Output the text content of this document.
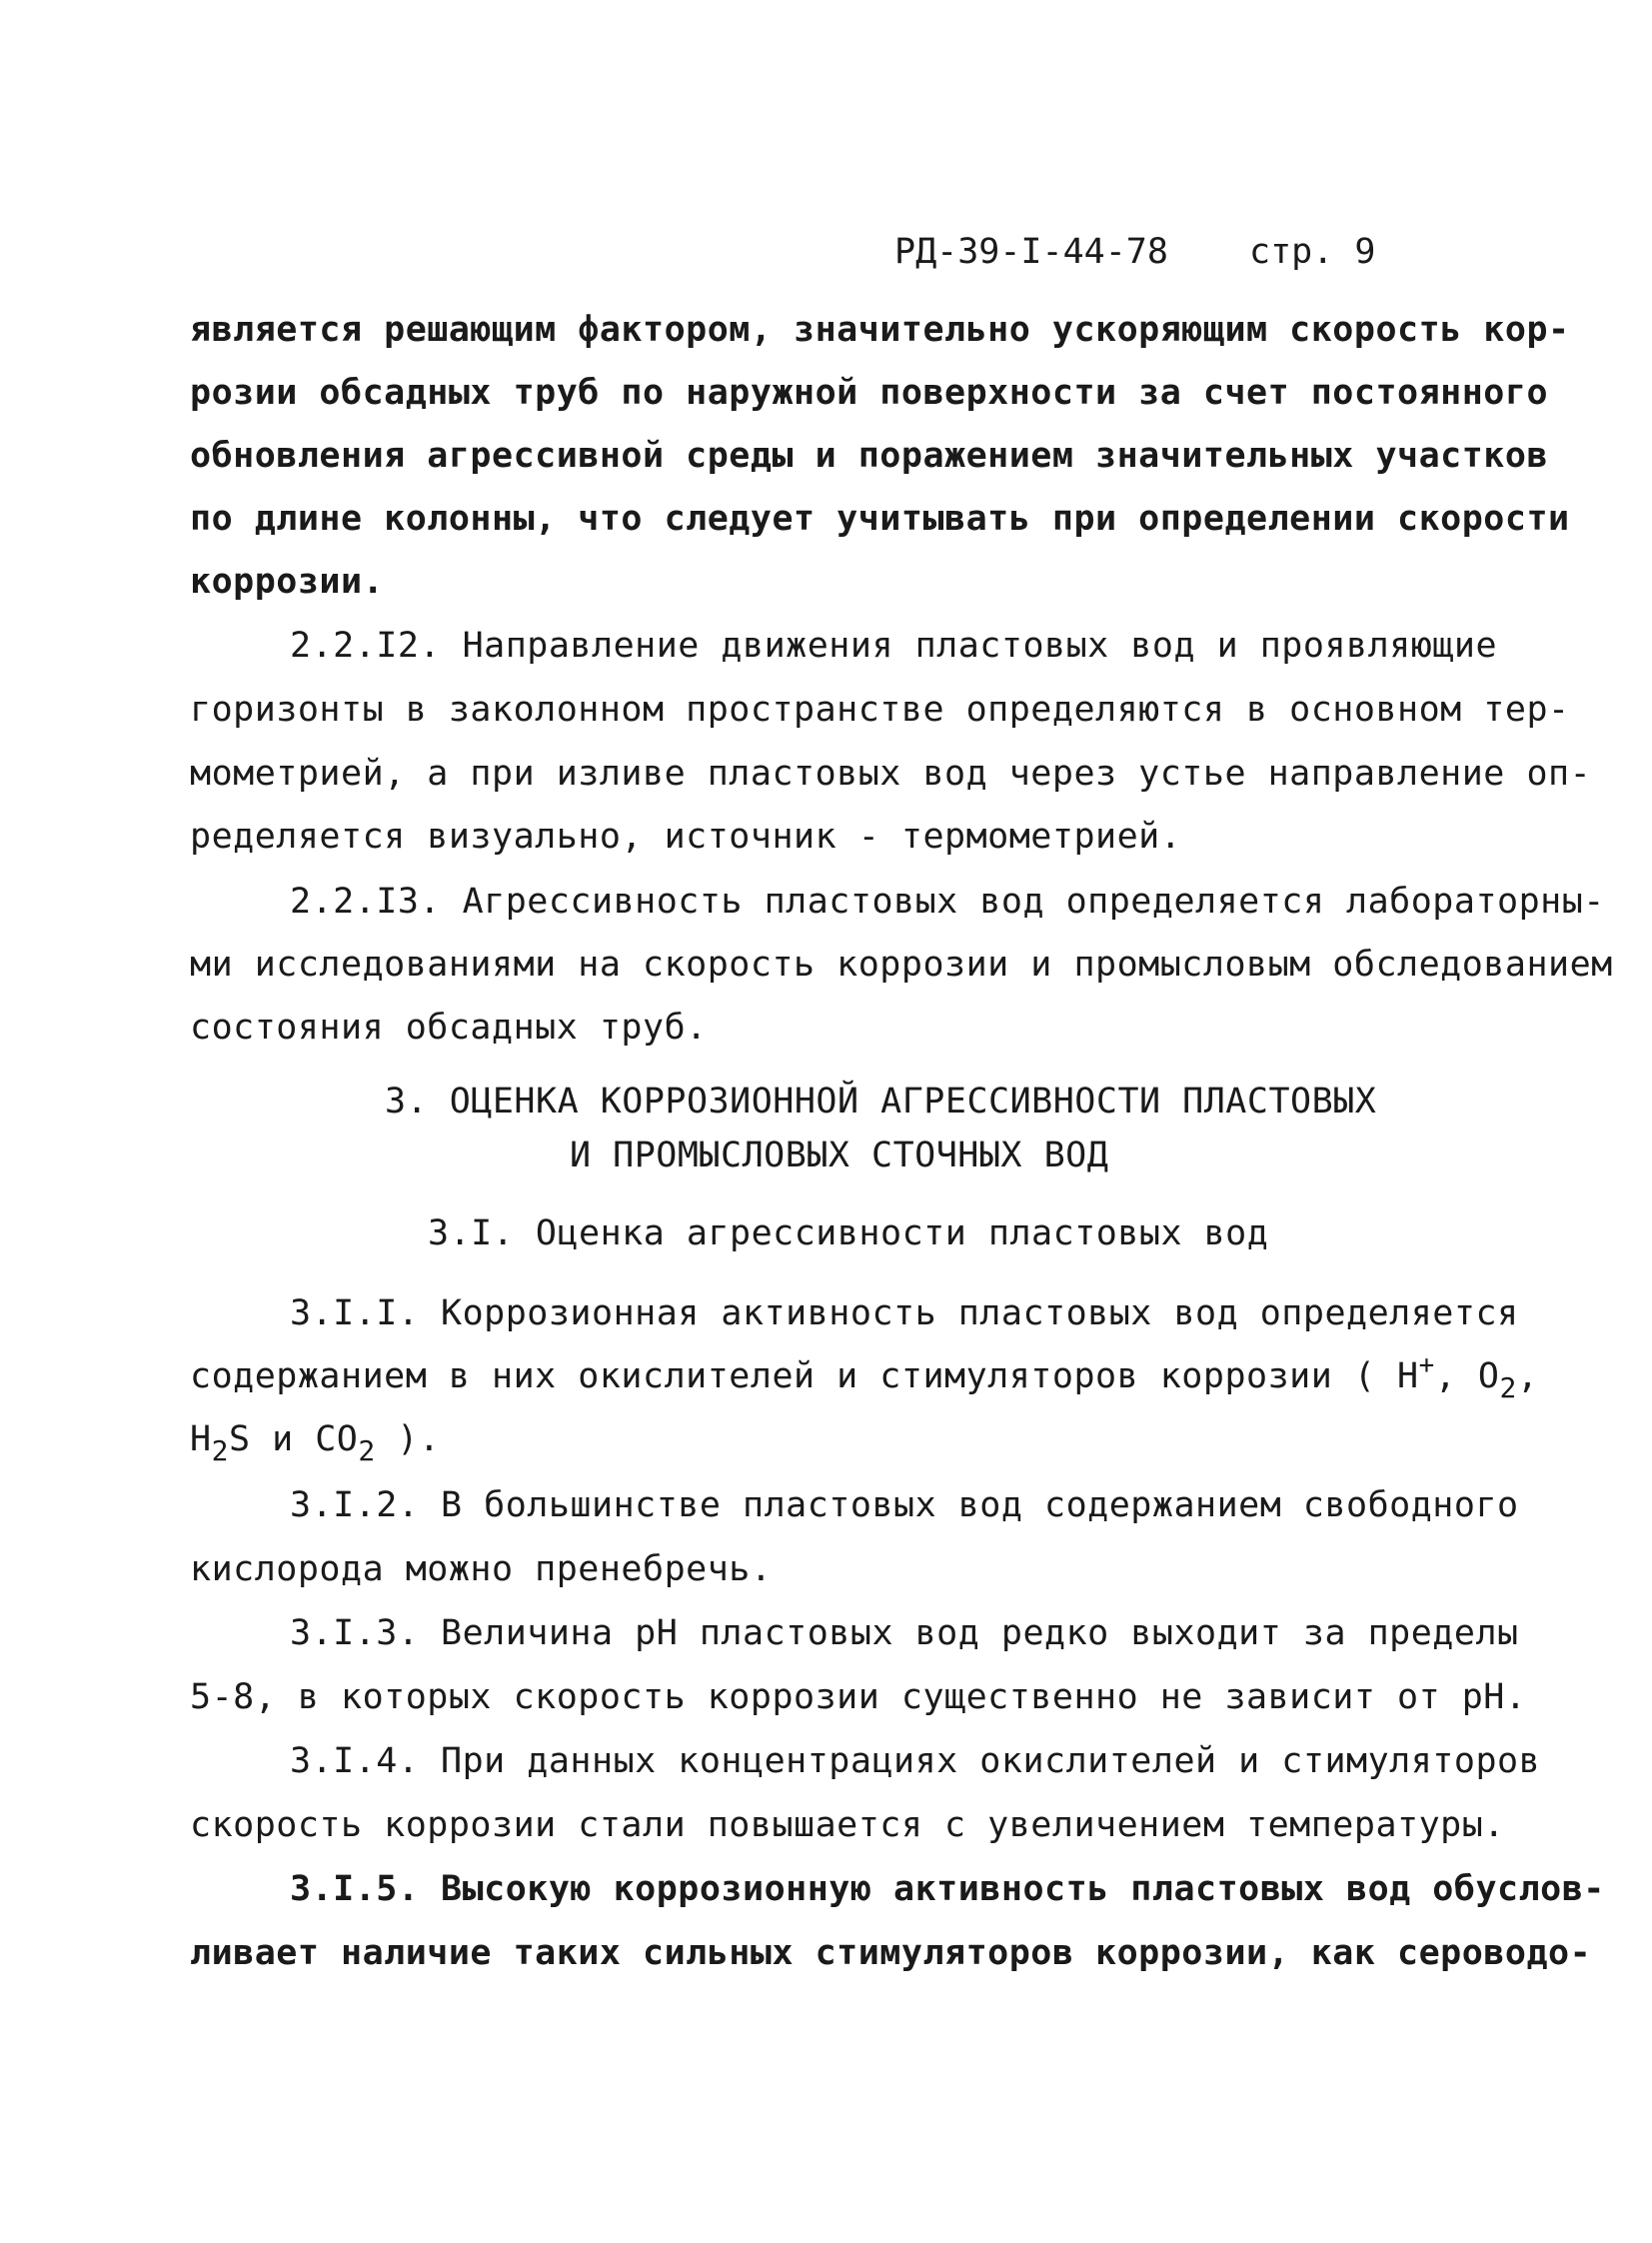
РД-39-I-44-78 стр. 9
является решающим фактором, значительно ускоряющим скорость кор-
розии обсадных труб по наружной поверхности за счет постоянного
обновления агрессивной среды и поражением значительных участков
по длине колонны, что следует учитывать при определении скорости
коррозии.
2.2.I2. Направление движения пластовых вод и проявляющие
горизонты в заколонном пространстве определяются в основном тер-
мометрией, а при изливе пластовых вод через устье направление оп-
ределяется визуально, источник - термометрией.
2.2.I3. Агрессивность пластовых вод определяется лабораторны-
ми исследованиями на скорость коррозии и промысловым обследованием
состояния обсадных труб.
3. ОЦЕНКА КОРРОЗИОННОЙ АГРЕССИВНОСТИ ПЛАСТОВЫХ
И ПРОМЫСЛОВЫХ СТОЧНЫХ ВОД
3.I. Оценка агрессивности пластовых вод
3.I.I. Коррозионная активность пластовых вод определяется
содержанием в них окислителей и стимуляторов коррозии ( H+, $O_2$,
$H_2S$ и $CO_2$ ).
3.I.2. В большинстве пластовых вод содержанием свободного
кислорода можно пренебречь.
3.I.3. Величина pH пластовых вод редко выходит за пределы
5-8, в которых скорость коррозии существенно не зависит от pH.
3.I.4. При данных концентрациях окислителей и стимуляторов
скорость коррозии стали повышается с увеличением температуры.
3.I.5. Высокую коррозионную активность пластовых вод обуслов-
ливает наличие таких сильных стимуляторов коррозии, как сероводо-
